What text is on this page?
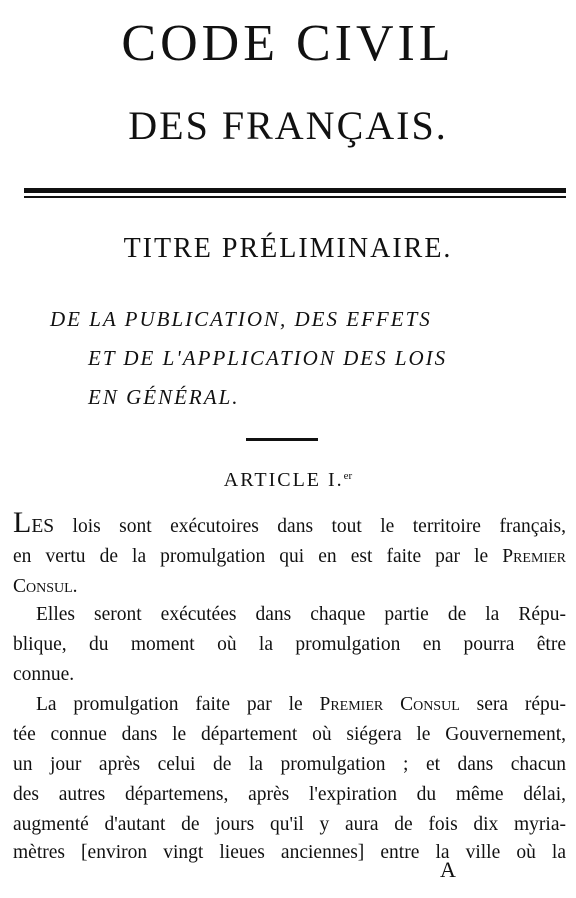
CODE CIVIL
DES FRANÇAIS.
TITRE PRÉLIMINAIRE.
DE LA PUBLICATION, DES EFFETS
ET DE L'APPLICATION DES LOIS
EN GÉNÉRAL.
ARTICLE I.$^{er}$
LES lois sont exécutoires dans tout le territoire français,
en vertu de la promulgation qui en est faite par le Premier
Consul.
Elles seront exécutées dans chaque partie de la Répu-
blique, du moment où la promulgation en pourra être
connue.
La promulgation faite par le Premier Consul sera répu-
tée connue dans le département où siégera le Gouvernement,
un jour après celui de la promulgation ; et dans chacun
des autres départemens, après l'expiration du même délai,
augmenté d'autant de jours qu'il y aura de fois dix myria-
mètres [environ vingt lieues anciennes] entre la ville où la
A
